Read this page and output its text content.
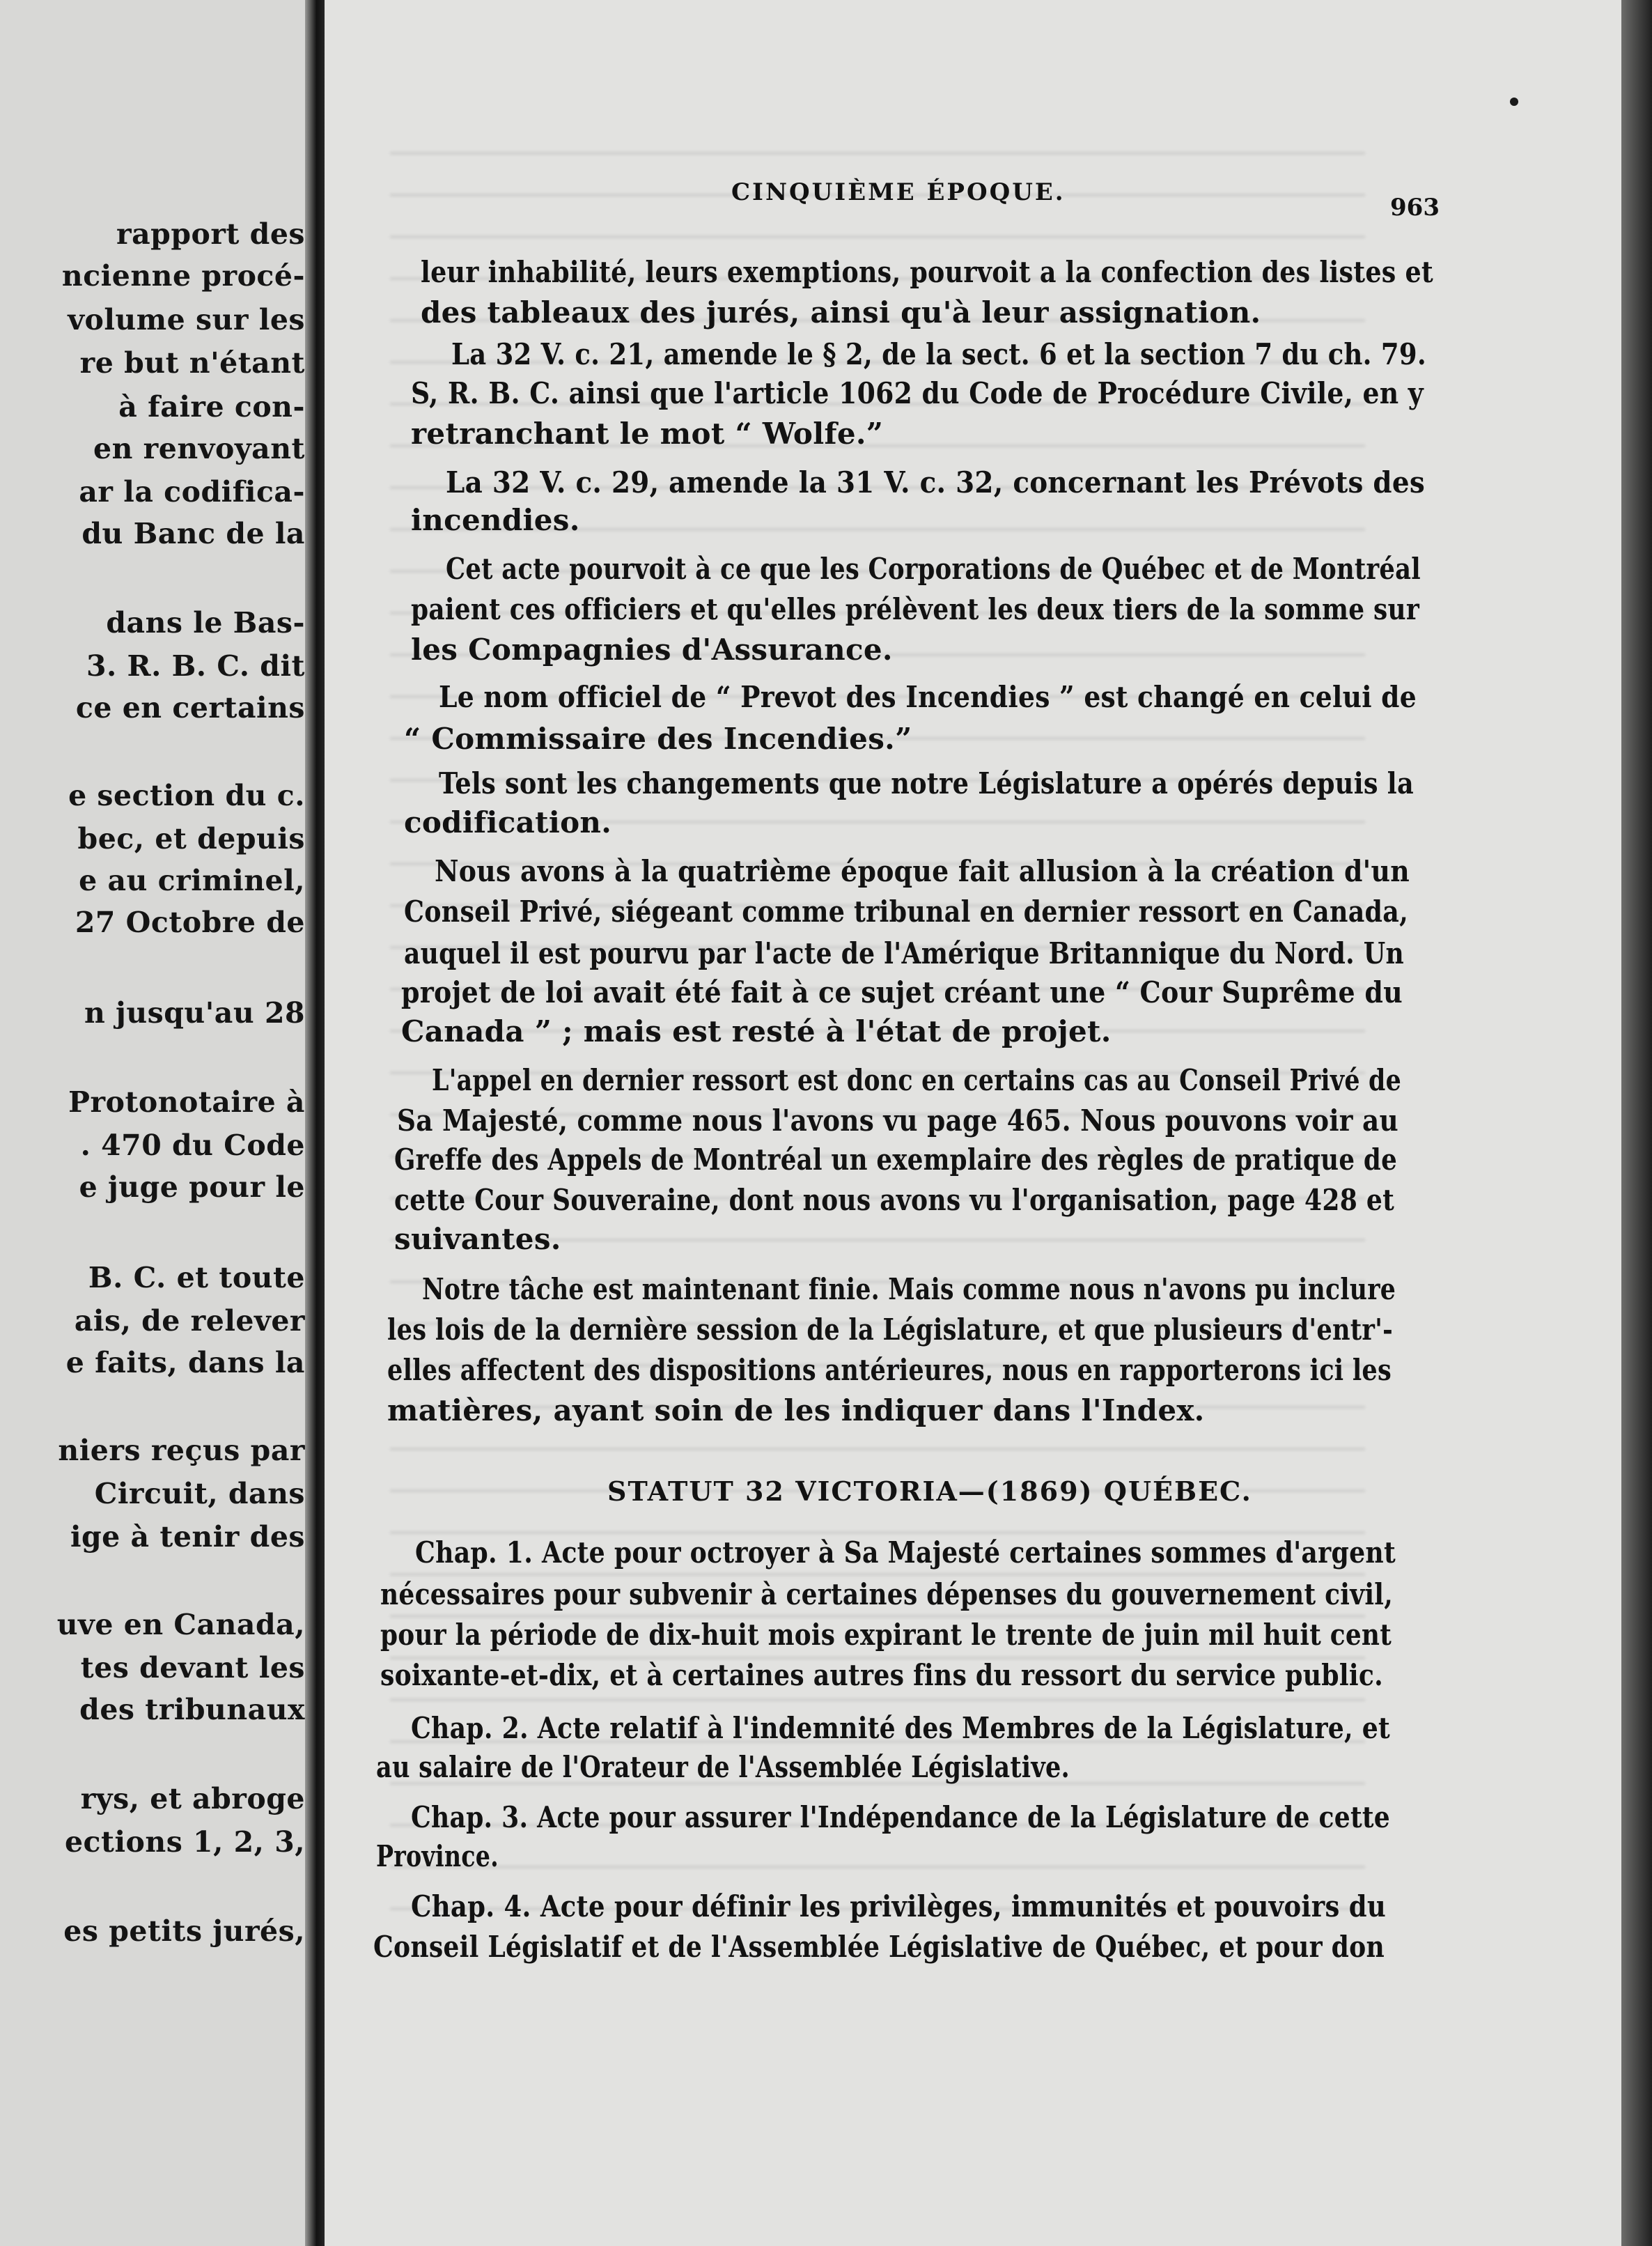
rapport des
ncienne procé-
volume sur les
re but n'étant
à faire con-
en renvoyant
ar la codifica-
du Banc de la
dans le Bas-
3. R. B. C. dit
ce en certains
e section du c.
bec, et depuis
e au criminel,
27 Octobre de
n jusqu'au 28
Protonotaire à
. 470 du Code
e juge pour le
B. C. et toute
ais, de relever
e faits, dans la
niers reçus par
Circuit, dans
ige à tenir des
uve en Canada,
tes devant les
des tribunaux
rys, et abroge
ections 1, 2, 3,
es petits jurés,
CINQUIÈME ÉPOQUE.
963
leur inhabilité, leurs exemptions, pourvoit a la confection des listes et
des tableaux des jurés, ainsi qu'à leur assignation.
La 32 V. c. 21, amende le § 2, de la sect. 6 et la section 7 du ch. 79.
S, R. B. C. ainsi que l'article 1062 du Code de Procédure Civile, en y
retranchant le mot “ Wolfe.”
La 32 V. c. 29, amende la 31 V. c. 32, concernant les Prévots des
incendies.
Cet acte pourvoit à ce que les Corporations de Québec et de Montréal
paient ces officiers et qu'elles prélèvent les deux tiers de la somme sur
les Compagnies d'Assurance.
Le nom officiel de “ Prevot des Incendies ” est changé en celui de
“ Commissaire des Incendies.”
Tels sont les changements que notre Législature a opérés depuis la
codification.
Nous avons à la quatrième époque fait allusion à la création d'un
Conseil Privé, siégeant comme tribunal en dernier ressort en Canada,
auquel il est pourvu par l'acte de l'Amérique Britannique du Nord. Un
projet de loi avait été fait à ce sujet créant une “ Cour Suprême du
Canada ” ; mais est resté à l'état de projet.
L'appel en dernier ressort est donc en certains cas au Conseil Privé de
Sa Majesté, comme nous l'avons vu page 465. Nous pouvons voir au
Greffe des Appels de Montréal un exemplaire des règles de pratique de
cette Cour Souveraine, dont nous avons vu l'organisation, page 428 et
suivantes.
Notre tâche est maintenant finie. Mais comme nous n'avons pu inclure
les lois de la dernière session de la Législature, et que plusieurs d'entr'-
elles affectent des dispositions antérieures, nous en rapporterons ici les
matières, ayant soin de les indiquer dans l'Index.
STATUT 32 VICTORIA—(1869) QUÉBEC.
Chap. 1. Acte pour octroyer à Sa Majesté certaines sommes d'argent
nécessaires pour subvenir à certaines dépenses du gouvernement civil,
pour la période de dix-huit mois expirant le trente de juin mil huit cent
soixante-et-dix, et à certaines autres fins du ressort du service public.
Chap. 2. Acte relatif à l'indemnité des Membres de la Législature, et
au salaire de l'Orateur de l'Assemblée Législative.
Chap. 3. Acte pour assurer l'Indépendance de la Législature de cette
Province.
Chap. 4. Acte pour définir les privilèges, immunités et pouvoirs du
Conseil Législatif et de l'Assemblée Législative de Québec, et pour don
